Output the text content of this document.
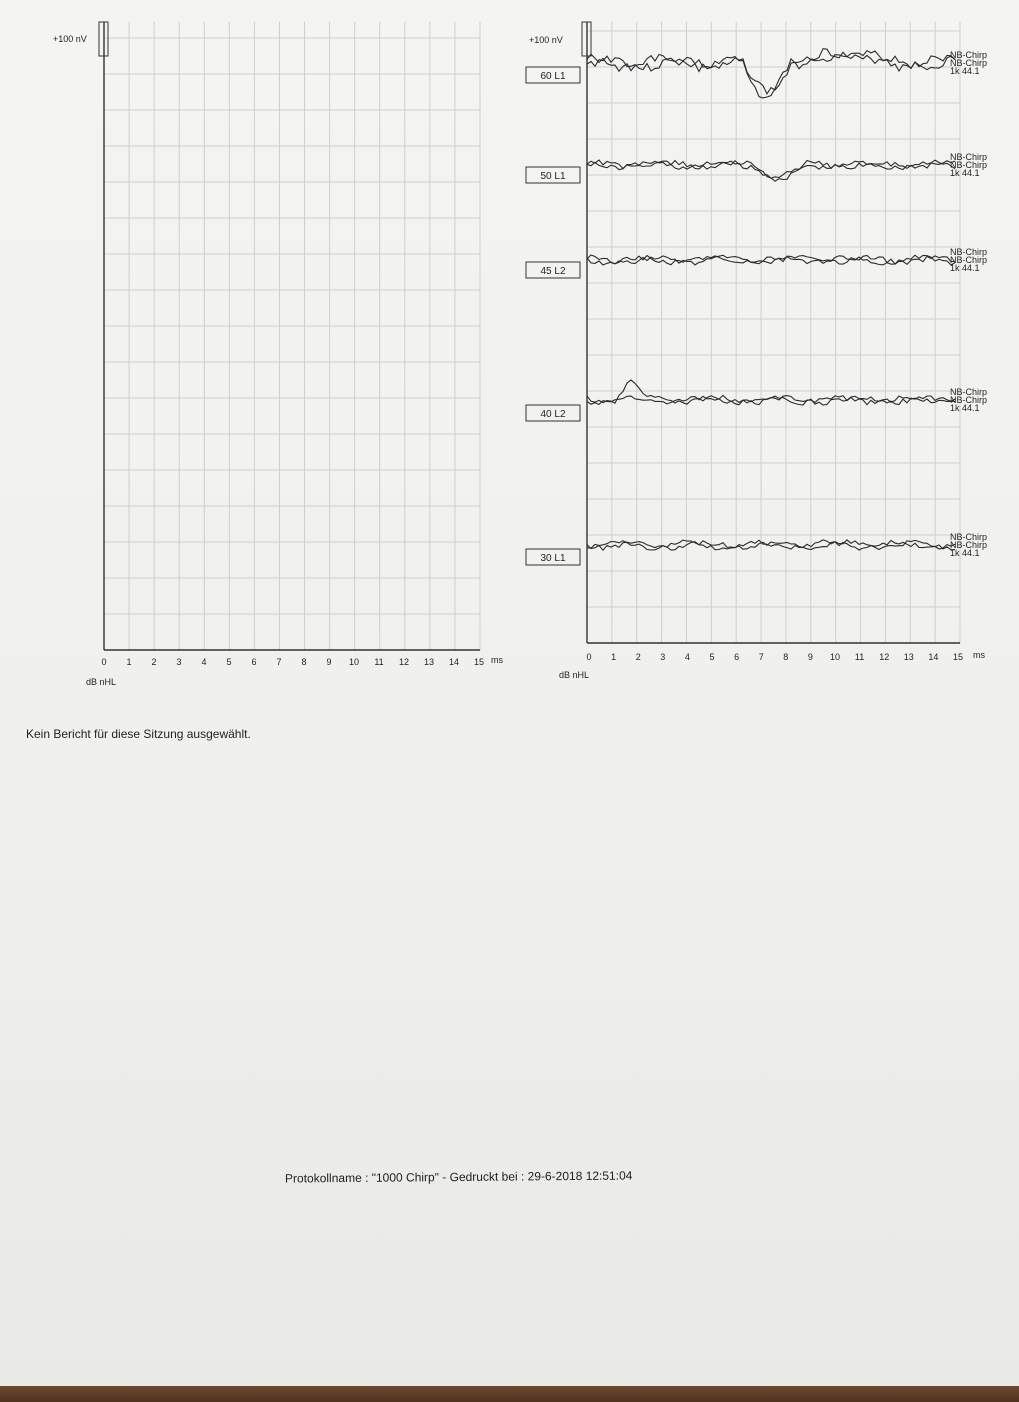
+100 nV
0 1 2 3 4 5 6 7 8 9 10 11 12 13 14 15 ms
dB nHL
+100 nV
0 1 2 3 4 5 6 7 8 9 10 11 12 13 14 15 ms
dB nHL
60 L1
NB-Chirp
NB-Chirp
1k 44.1
50 L1
NB-Chirp
NB-Chirp
1k 44.1
45 L2
NB-Chirp
NB-Chirp
1k 44.1
40 L2
NB-Chirp
NB-Chirp
1k 44.1
30 L1
NB-Chirp
NB-Chirp
1k 44.1
Kein Bericht für diese Sitzung ausgewählt.
Protokollname : "1000 Chirp" - Gedruckt bei : 29-6-2018 12:51:04
